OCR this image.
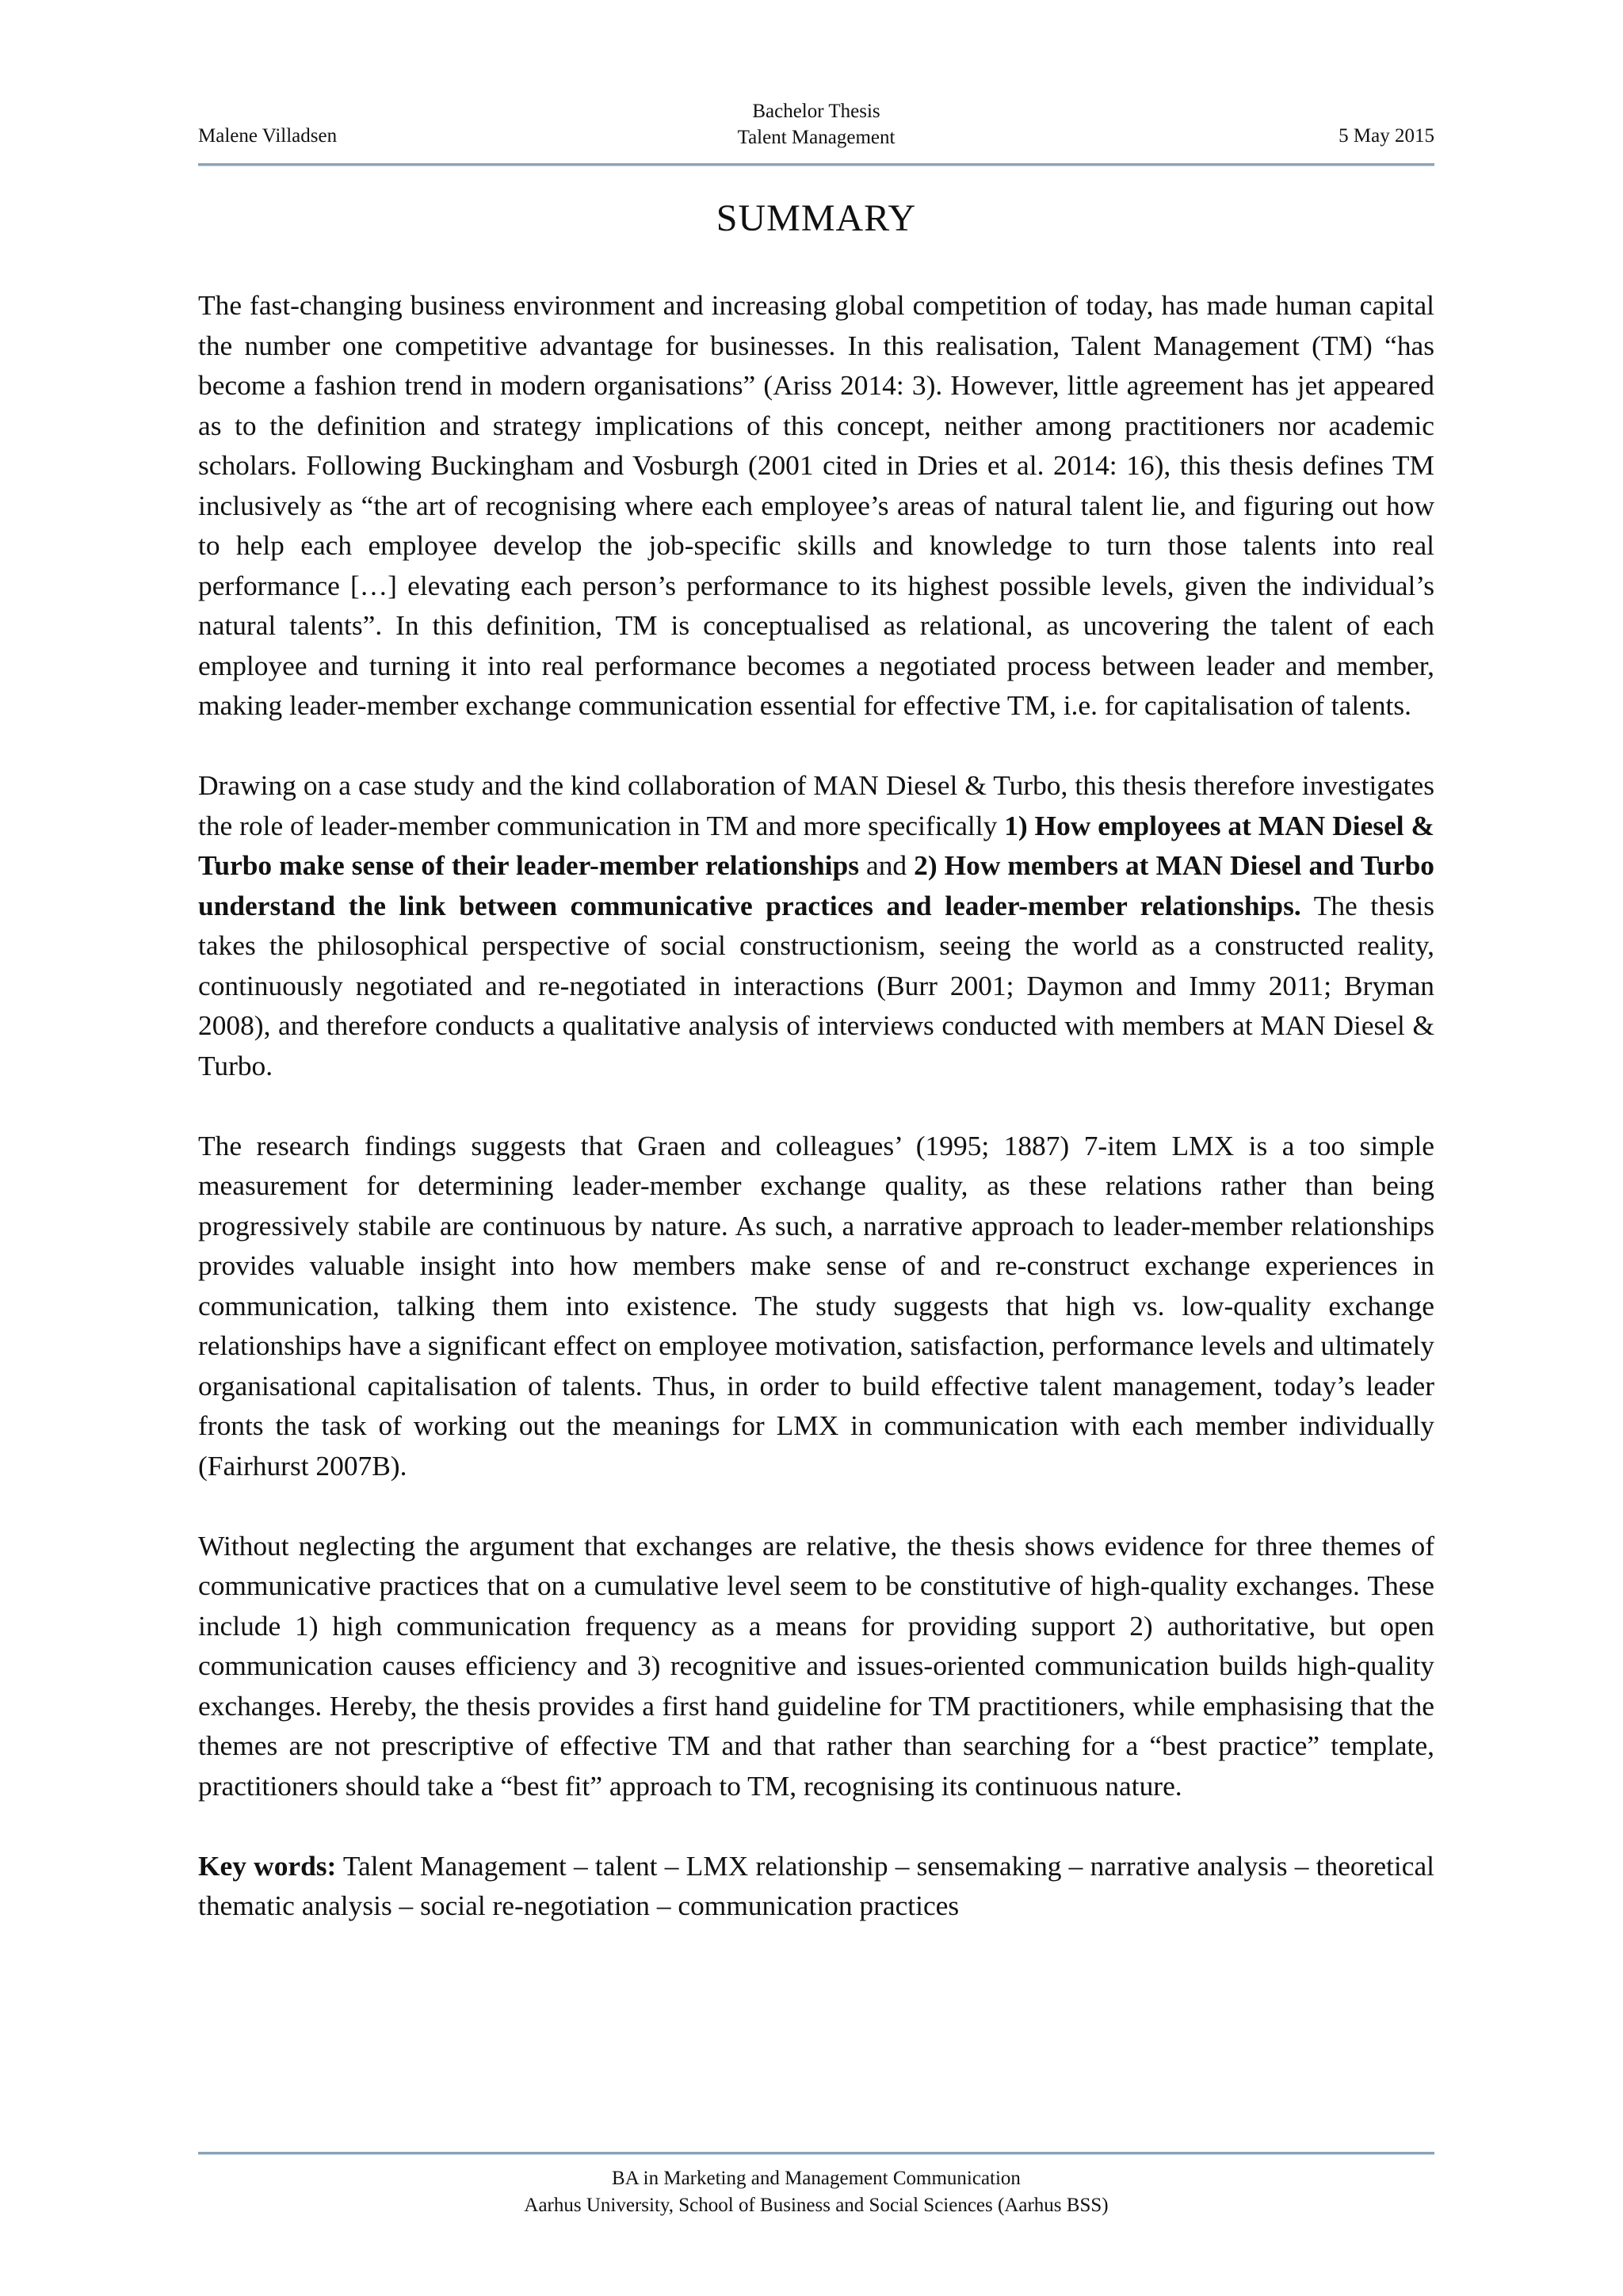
Malene Villadsen
Bachelor Thesis
Talent Management	5 May 2015
SUMMARY

The fast-changing business environment and increasing global competition of today, has made human capital the number one competitive advantage for businesses. In this realisation, Talent Management (TM) “has become a fashion trend in modern organisations” (Ariss 2014: 3). However, little agreement has jet appeared as to the definition and strategy implications of this concept, neither among practitioners nor academic scholars. Following Buckingham and Vosburgh (2001 cited in Dries et al. 2014: 16), this thesis defines TM inclusively as “the art of recognising where each employee’s areas of natural talent lie, and figuring out how to help each employee develop the job-specific skills and knowledge to turn those talents into real performance […] elevating each person’s performance to its highest possible levels, given the individual’s natural talents”. In this definition, TM is conceptualised as relational, as uncovering the talent of each employee and turning it into real performance becomes a negotiated process between leader and member, making leader-member exchange communication essential for effective TM, i.e. for capitalisation of talents.

Drawing on a case study and the kind collaboration of MAN Diesel & Turbo, this thesis therefore investigates the role of leader-member communication in TM and more specifically 1) How employees at MAN Diesel & Turbo make sense of their leader-member relationships and 2) How members at MAN Diesel and Turbo understand the link between communicative practices and leader-member relationships. The thesis takes the philosophical perspective of social constructionism, seeing the world as a constructed reality, continuously negotiated and re-negotiated in interactions (Burr 2001; Daymon and Immy 2011; Bryman 2008), and therefore conducts a qualitative analysis of interviews conducted with members at MAN Diesel & Turbo.

The research findings suggests that Graen and colleagues’ (1995; 1887) 7-item LMX is a too simple measurement for determining leader-member exchange quality, as these relations rather than being progressively stabile are continuous by nature. As such, a narrative approach to leader-member relationships provides valuable insight into how members make sense of and re-construct exchange experiences in communication, talking them into existence. The study suggests that high vs. low-quality exchange relationships have a significant effect on employee motivation, satisfaction, performance levels and ultimately organisational capitalisation of talents. Thus, in order to build effective talent management, today’s leader fronts the task of working out the meanings for LMX in communication with each member individually (Fairhurst 2007B).

Without neglecting the argument that exchanges are relative, the thesis shows evidence for three themes of communicative practices that on a cumulative level seem to be constitutive of high-quality exchanges. These include 1) high communication frequency as a means for providing support 2) authoritative, but open communication causes efficiency and 3) recognitive and issues-oriented communication builds high-quality exchanges. Hereby, the thesis provides a first hand guideline for TM practitioners, while emphasising that the themes are not prescriptive of effective TM and that rather than searching for a “best practice” template, practitioners should take a “best fit” approach to TM, recognising its continuous nature.

Key words: Talent Management – talent – LMX relationship – sensemaking – narrative analysis – theoretical thematic analysis – social re-negotiation – communication practices

BA in Marketing and Management Communication
Aarhus University, School of Business and Social Sciences (Aarhus BSS)
